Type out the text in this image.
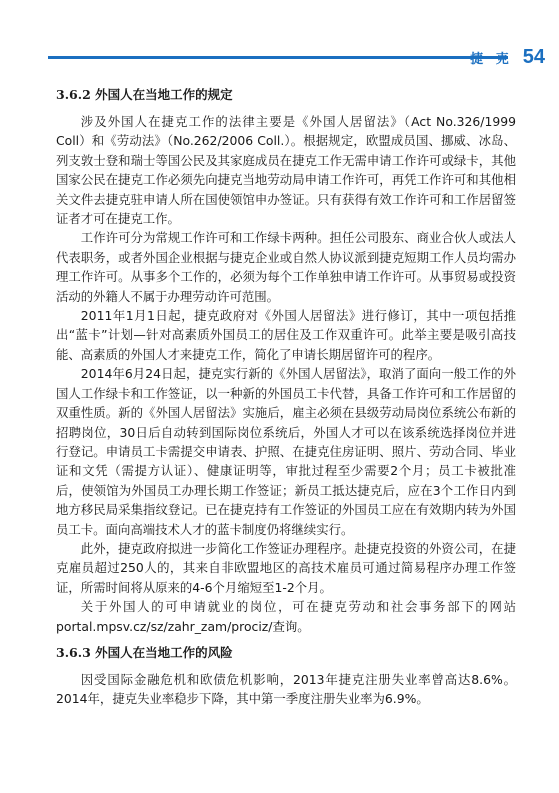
捷 克 54
3.6.2 外国人在当地工作的规定

涉及外国人在捷克工作的法律主要是《外国人居留法》（Act No.326/1999 Coll）和《劳动法》（No.262/2006 Coll.）。根据规定，欧盟成员国、挪威、冰岛、列支敦士登和瑞士等国公民及其家庭成员在捷克工作无需申请工作许可或绿卡，其他国家公民在捷克工作必须先向捷克当地劳动局申请工作许可，再凭工作许可和其他相关文件去捷克驻申请人所在国使领馆申办签证。只有获得有效工作许可和工作居留签证者才可在捷克工作。

工作许可分为常规工作许可和工作绿卡两种。担任公司股东、商业合伙人或法人代表职务，或者外国企业根据与捷克企业或自然人协议派到捷克短期工作人员均需办理工作许可。从事多个工作的，必须为每个工作单独申请工作许可。从事贸易或投资活动的外籍人不属于办理劳动许可范围。

2011年1月1日起，捷克政府对《外国人居留法》进行修订，其中一项包括推出“蓝卡”计划—针对高素质外国员工的居住及工作双重许可。此举主要是吸引高技能、高素质的外国人才来捷克工作，简化了申请长期居留许可的程序。

2014年6月24日起，捷克实行新的《外国人居留法》，取消了面向一般工作的外国人工作绿卡和工作签证，以一种新的外国员工卡代替，具备工作许可和工作居留的双重性质。新的《外国人居留法》实施后，雇主必须在县级劳动局岗位系统公布新的招聘岗位，30日后自动转到国际岗位系统后，外国人才可以在该系统选择岗位并进行登记。申请员工卡需提交申请表、护照、在捷克住房证明、照片、劳动合同、毕业证和文凭（需提方认证）、健康证明等，审批过程至少需要2个月；员工卡被批准后，使领馆为外国员工办理长期工作签证；新员工抵达捷克后，应在3个工作日内到地方移民局采集指纹登记。已在捷克持有工作签证的外国员工应在有效期内转为外国员工卡。面向高端技术人才的蓝卡制度仍将继续实行。

此外，捷克政府拟进一步简化工作签证办理程序。赴捷克投资的外资公司，在捷克雇员超过250人的，其来自非欧盟地区的高技术雇员可通过简易程序办理工作签证，所需时间将从原来的4-6个月缩短至1-2个月。

关于外国人的可申请就业的岗位，可在捷克劳动和社会事务部下的网站portal.mpsv.cz/sz/zahr_zam/prociz/查询。

3.6.3 外国人在当地工作的风险

因受国际金融危机和欧债危机影响，2013年捷克注册失业率曾高达8.6%。2014年，捷克失业率稳步下降，其中第一季度注册失业率为6.9%。
